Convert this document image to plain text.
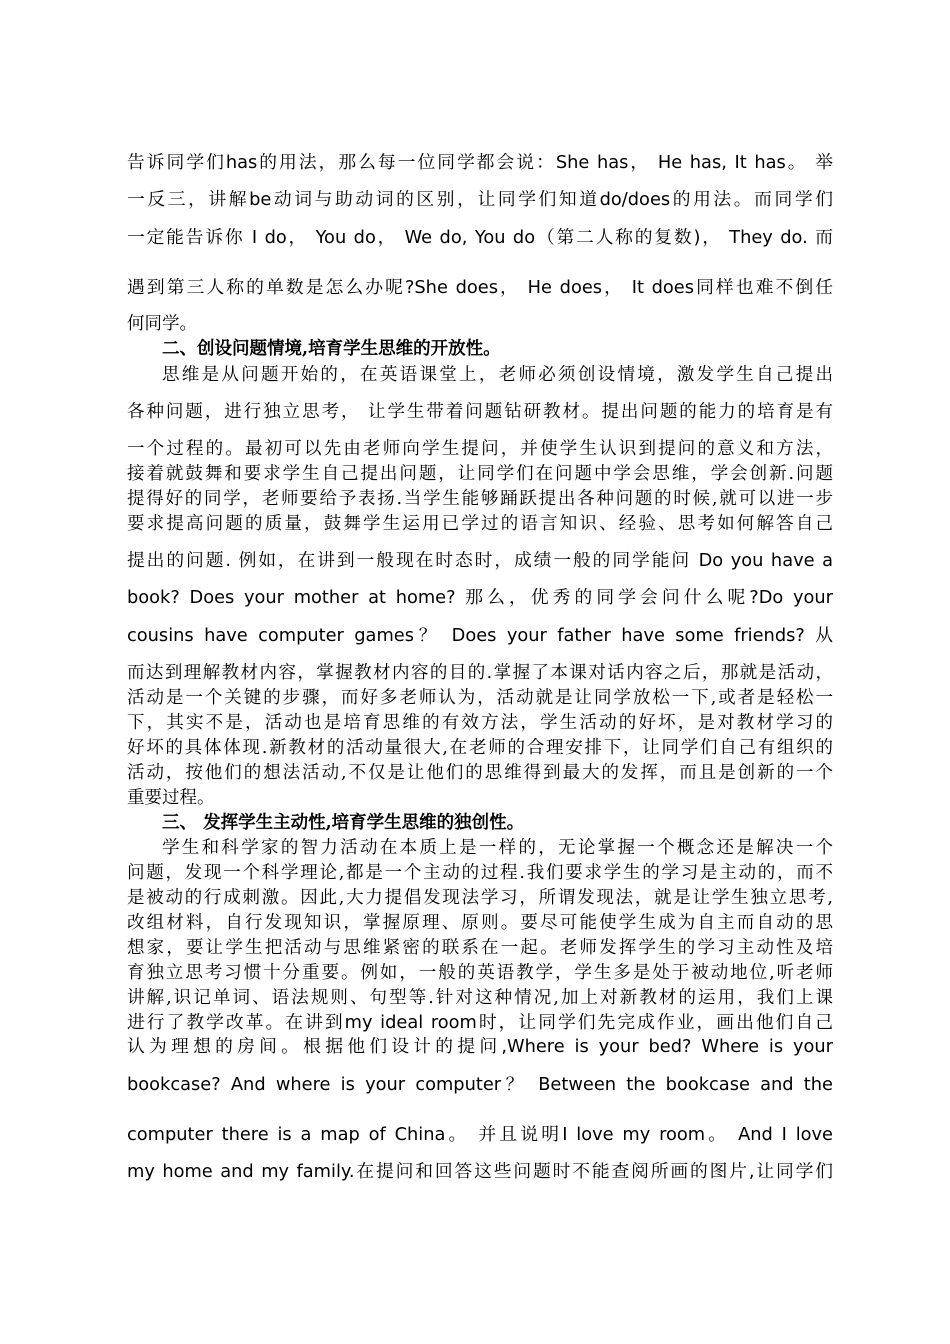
告诉同学们has的用法，那么每一位同学都会说：She has， He has, It has。 举
一反三，讲解be动词与助动词的区别，让同学们知道do/does的用法。而同学们
一定能告诉你 I do， You do， We do, You do（第二人称的复数)， They do. 而
遇到第三人称的单数是怎么办呢?She does， He does， It does同样也难不倒任
何同学。
二、创设问题情境,培育学生思维的开放性。
思维是从问题开始的，在英语课堂上，老师必须创设情境，激发学生自己提出
各种问题，进行独立思考， 让学生带着问题钻研教材。提出问题的能力的培育是有
一个过程的。最初可以先由老师向学生提问，并使学生认识到提问的意义和方法，
接着就鼓舞和要求学生自己提出问题，让同学们在问题中学会思维，学会创新.问题
提得好的同学，老师要给予表扬.当学生能够踊跃提出各种问题的时候,就可以进一步
要求提高问题的质量，鼓舞学生运用已学过的语言知识、经验、思考如何解答自己
提出的问题. 例如，在讲到一般现在时态时，成绩一般的同学能问 Do you have a
book? Does your mother at home? 那么，优秀的同学会问什么呢?Do your
cousins have computer games？ Does your father have some friends? 从
而达到理解教材内容，掌握教材内容的目的.掌握了本课对话内容之后，那就是活动，
活动是一个关键的步骤，而好多老师认为，活动就是让同学放松一下,或者是轻松一
下，其实不是，活动也是培育思维的有效方法，学生活动的好坏，是对教材学习的
好坏的具体体现.新教材的活动量很大,在老师的合理安排下，让同学们自己有组织的
活动，按他们的想法活动,不仅是让他们的思维得到最大的发挥，而且是创新的一个
重要过程。
三、 发挥学生主动性,培育学生思维的独创性。
学生和科学家的智力活动在本质上是一样的，无论掌握一个概念还是解决一个
问题，发现一个科学理论,都是一个主动的过程.我们要求学生的学习是主动的，而不
是被动的行成刺激。因此,大力提倡发现法学习，所谓发现法，就是让学生独立思考,
改组材料，自行发现知识，掌握原理、原则。要尽可能使学生成为自主而自动的思
想家，要让学生把活动与思维紧密的联系在一起。老师发挥学生的学习主动性及培
育独立思考习惯十分重要。例如，一般的英语教学，学生多是处于被动地位,听老师
讲解,识记单词、语法规则、句型等.针对这种情况,加上对新教材的运用，我们上课
进行了教学改革。在讲到my ideal room时，让同学们先完成作业，画出他们自己
认为理想的房间。根据他们设计的提问,Where is your bed? Where is your
bookcase? And where is your computer？ Between the bookcase and the
computer there is a map of China。 并且说明I love my room。 And I love
my home and my family.在提问和回答这些问题时不能查阅所画的图片,让同学们
